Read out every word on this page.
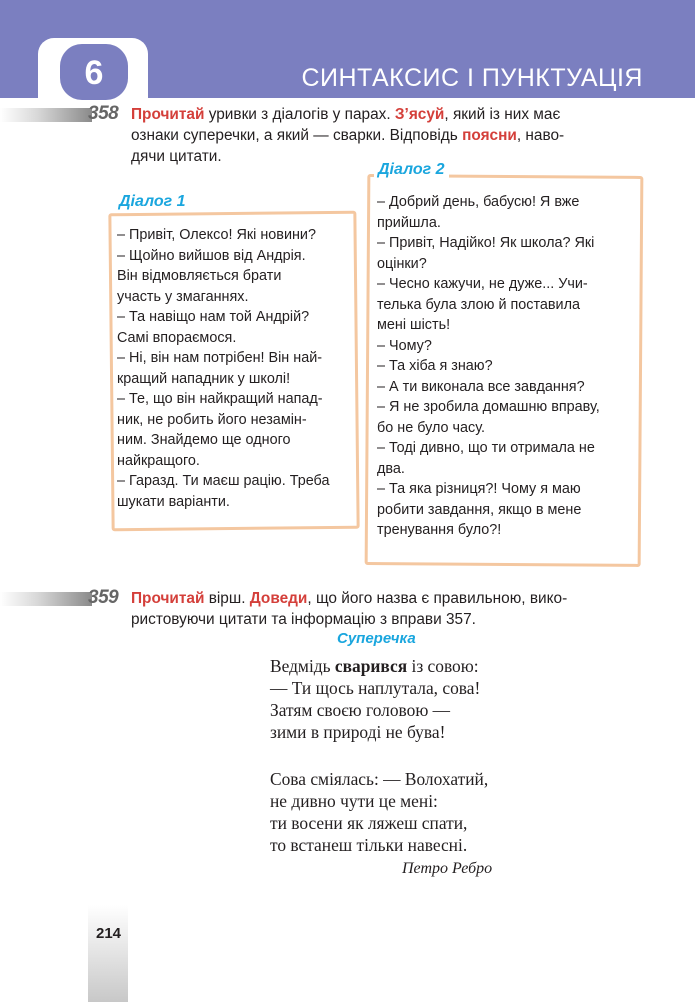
6	СИНТАКСИС І ПУНКТУАЦІЯ
358 Прочитай уривки з діалогів у парах. З’ясуй, який із них має
ознаки суперечки, а який — сварки. Відповідь поясни, наво-
дячи цитати.
Діалог 1
– Привіт, Олексо! Які новини?
– Щойно вийшов від Андрія.
Він відмовляється брати
участь у змаганнях.
– Та навіщо нам той Андрій?
Самі впораємося.
– Ні, він нам потрібен! Він най-
кращий нападник у школі!
– Те, що він найкращий напад-
ник, не робить його незамін-
ним. Знайдемо ще одного
найкращого.
– Гаразд. Ти маєш рацію. Треба
шукати варіанти.
Діалог 2
– Добрий день, бабусю! Я вже
прийшла.
– Привіт, Надійко! Як школа? Які
оцінки?
– Чесно кажучи, не дуже... Учи-
телька була злою й поставила
мені шість!
– Чому?
– Та хіба я знаю?
– А ти виконала все завдання?
– Я не зробила домашню вправу,
бо не було часу.
– Тоді дивно, що ти отримала не
два.
– Та яка різниця?! Чому я маю
робити завдання, якщо в мене
тренування було?!
359 Прочитай вірш. Доведи, що його назва є правильною, вико-
ристовуючи цитати та інформацію з вправи 357.
Суперечка
Ведмідь сварився із совою:
— Ти щось наплутала, сова!
Затям своєю головою —
зими в природі не бува!
Сова сміялась: — Волохатий,
не дивно чути це мені:
ти восени як ляжеш спати,
то встанеш тільки навесні.
Петро Ребро
214
